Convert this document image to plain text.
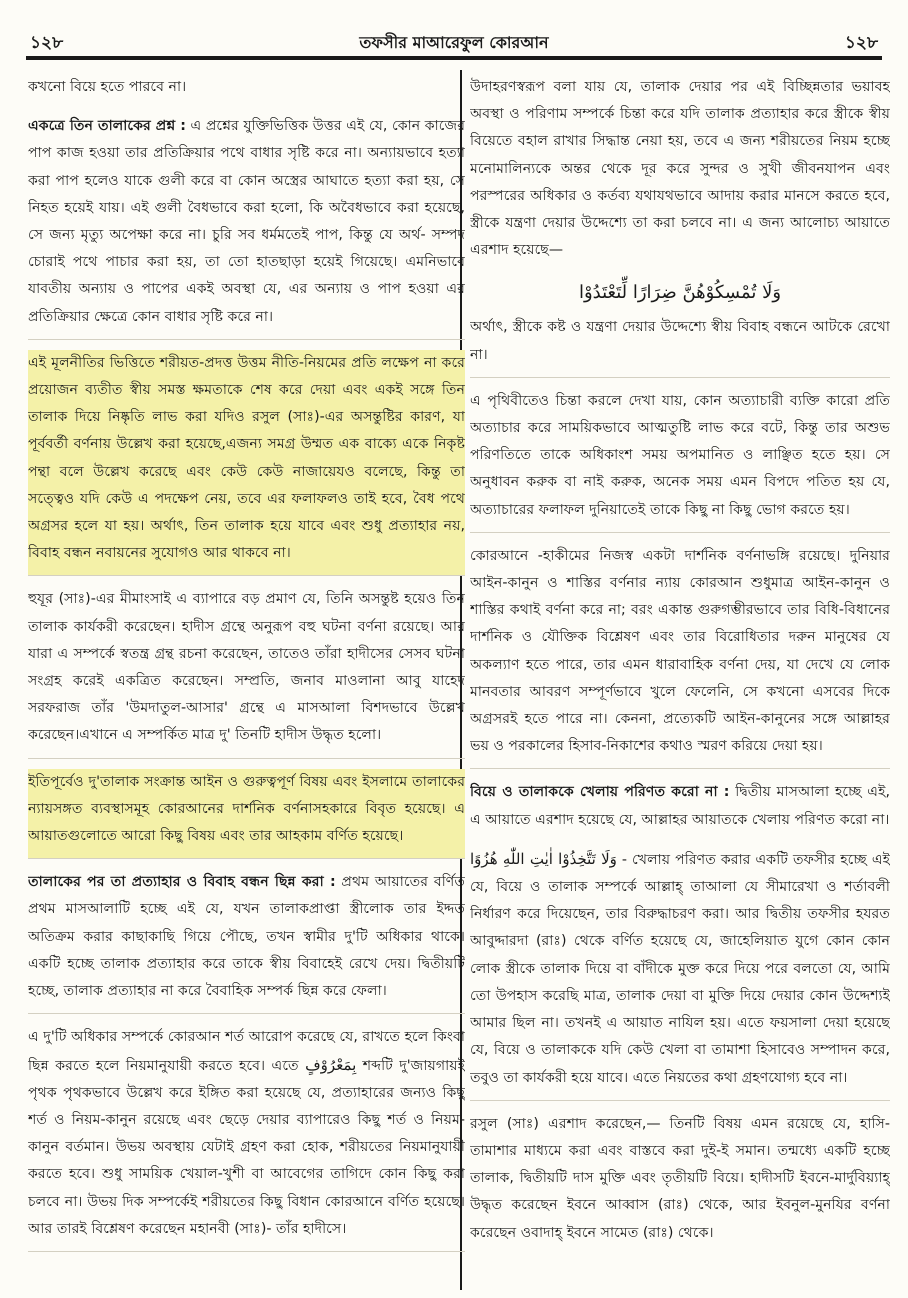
১২৮	তফসীর মাআরেফুল কোরআন	১২৮

কখনো বিয়ে হতে পারবে না।

একত্রে তিন তালাকের প্রশ্ন : এ প্রশ্নের যুক্তিভিত্তিক উত্তর এই যে, কোন কাজের পাপ কাজ হওয়া তার প্রতিক্রিয়ার পথে বাধার সৃষ্টি করে না। অন্যায়ভাবে হত্যা করা পাপ হলেও যাকে গুলী করে বা কোন অস্ত্রের আঘাতে হত্যা করা হয়, সে নিহত হয়েই যায়। এই গুলী বৈধভাবে করা হলো, কি অবৈধভাবে করা হয়েছে, সে জন্য মৃত্যু অপেক্ষা করে না। চুরি সব ধর্মমতেই পাপ, কিন্তু যে অর্থ- সম্পদ চোরাই পথে পাচার করা হয়, তা তো হাতছাড়া হয়েই গিয়েছে। এমনিভাবে যাবতীয় অন্যায় ও পাপের একই অবস্থা যে, এর অন্যায় ও পাপ হওয়া এর প্রতিক্রিয়ার ক্ষেত্রে কোন বাধার সৃষ্টি করে না।

এই মূলনীতির ভিত্তিতে শরীয়ত-প্রদত্ত উত্তম নীতি-নিয়মের প্রতি লক্ষেপ না করে প্রয়োজন ব্যতীত স্বীয় সমস্ত ক্ষমতাকে শেষ করে দেয়া এবং একই সঙ্গে তিন তালাক দিয়ে নিষ্কৃতি লাভ করা যদিও রসুল (সাঃ)-এর অসন্তুষ্টির কারণ, যা পূর্ববর্তী বর্ণনায় উল্লেখ করা হয়েছে,এজন্য সমগ্র উম্মত এক বাক্যে একে নিকৃষ্ট পন্থা বলে উল্লেখ করেছে এবং কেউ কেউ নাজায়েযও বলেছে, কিন্তু তা সত্ত্বেও যদি কেউ এ পদক্ষেপ নেয়, তবে এর ফলাফলও তাই হবে, বৈধ পথে অগ্রসর হলে যা হয়। অর্থাৎ, তিন তালাক হয়ে যাবে এবং শুধু প্রত্যাহার নয়, বিবাহ বন্ধন নবায়নের সুযোগও আর থাকবে না।

হুযূর (সাঃ)-এর মীমাংসাই এ ব্যাপারে বড় প্রমাণ যে, তিনি অসন্তুষ্ট হয়েও তিন তালাক কার্যকরী করেছেন। হাদীস গ্রন্থে অনুরূপ বহু ঘটনা বর্ণনা রয়েছে। আর যারা এ সম্পর্কে স্বতন্ত্র গ্রন্থ রচনা করেছেন, তাতেও তাঁরা হাদীসের সেসব ঘটনা সংগ্রহ করেই একত্রিত করেছেন। সম্প্রতি, জনাব মাওলানা আবু যাহেদ সরফরাজ তাঁর 'উমদাতুল-আসার' গ্রন্থে এ মাসআলা বিশদভাবে উল্লেখ করেছেন।এখানে এ সম্পর্কিত মাত্র দু' তিনটি হাদীস উদ্ধৃত হলো।

ইতিপূর্বেও দু'তালাক সংক্রান্ত আইন ও গুরুত্বপূর্ণ বিষয় এবং ইসলামে তালাকের ন্যায়সঙ্গত ব্যবস্থাসমূহ কোরআনের দার্শনিক বর্ণনাসহকারে বিবৃত হয়েছে। এ আয়াতগুলোতে আরো কিছু বিষয় এবং তার আহকাম বর্ণিত হয়েছে।

তালাকের পর তা প্রত্যাহার ও বিবাহ বন্ধন ছিন্ন করা : প্রথম আয়াতের বর্ণিত প্রথম মাসআলাটি হচ্ছে এই যে, যখন তালাকপ্রাপ্তা স্ত্রীলোক তার ইদ্দত অতিক্রম করার কাছাকাছি গিয়ে পৌছে, তখন স্বামীর দু'টি অধিকার থাকে। একটি হচ্ছে তালাক প্রত্যাহার করে তাকে স্বীয় বিবাহেই রেখে দেয়। দ্বিতীয়টি হচ্ছে, তালাক প্রত্যাহার না করে বৈবাহিক সম্পর্ক ছিন্ন করে ফেলা।

এ দু'টি অধিকার সম্পর্কে কোরআন শর্ত আরোপ করেছে যে, রাখতে হলে কিংবা ছিন্ন করতে হলে নিয়মানুযায়ী করতে হবে। এতে بِمَعْرُوْفٍ শব্দটি দু'জায়গায়ই পৃথক পৃথকভাবে উল্লেখ করে ইঙ্গিত করা হয়েছে যে, প্রত্যাহারের জন্যও কিছু শর্ত ও নিয়ম-কানুন রয়েছে এবং ছেড়ে দেয়ার ব্যাপারেও কিছু শর্ত ও নিয়ম-কানুন বর্তমান। উভয় অবস্থায় যেটাই গ্রহণ করা হোক, শরীয়তের নিয়মানুযায়ী করতে হবে। শুধু সাময়িক খেয়াল-খুশী বা আবেগের তাগিদে কোন কিছু করা চলবে না। উভয় দিক সম্পর্কেই শরীয়তের কিছু বিধান কোরআনে বর্ণিত হয়েছে। আর তারই বিশ্লেষণ করেছেন মহানবী (সাঃ)- তাঁর হাদীসে।

উদাহরণস্বরূপ বলা যায় যে, তালাক দেয়ার পর এই বিচ্ছিন্নতার ভয়াবহ অবস্থা ও পরিণাম সম্পর্কে চিন্তা করে যদি তালাক প্রত্যাহার করে স্ত্রীকে স্বীয় বিয়েতে বহাল রাখার সিদ্ধান্ত নেয়া হয়, তবে এ জন্য শরীয়তের নিয়ম হচ্ছে মনোমালিন্যকে অন্তর থেকে দূর করে সুন্দর ও সুখী জীবনযাপন এবং পরস্পরের অধিকার ও কর্তব্য যথাযথভাবে আদায় করার মানসে করতে হবে, স্ত্রীকে যন্ত্রণা দেয়ার উদ্দেশ্যে তা করা চলবে না। এ জন্য আলোচ্য আয়াতে এরশাদ হয়েছে—

وَلَا تُمْسِكُوْهُنَّ ضِرَارًا لِّتَعْتَدُوْا

অর্থাৎ, স্ত্রীকে কষ্ট ও যন্ত্রণা দেয়ার উদ্দেশ্যে স্বীয় বিবাহ বন্ধনে আটকে রেখো না।

এ পৃথিবীতেও চিন্তা করলে দেখা যায়, কোন অত্যাচারী ব্যক্তি কারো প্রতি অত্যাচার করে সাময়িকভাবে আত্মতুষ্টি লাভ করে বটে, কিন্তু তার অশুভ পরিণতিতে তাকে অধিকাংশ সময় অপমানিত ও লাঞ্ছিত হতে হয়। সে অনুধাবন করুক বা নাই করুক, অনেক সময় এমন বিপদে পতিত হয় যে, অত্যাচারের ফলাফল দুনিয়াতেই তাকে কিছু না কিছু ভোগ করতে হয়।

কোরআনে -হাকীমের নিজস্ব একটা দার্শনিক বর্ণনাভঙ্গি রয়েছে। দুনিয়ার আইন-কানুন ও শাস্তির বর্ণনার ন্যায় কোরআন শুধুমাত্র আইন-কানুন ও শাস্তির কথাই বর্ণনা করে না; বরং একান্ত গুরুগম্ভীরভাবে তার বিধি-বিধানের দার্শনিক ও যৌক্তিক বিশ্লেষণ এবং তার বিরোধিতার দরুন মানুষের যে অকল্যাণ হতে পারে, তার এমন ধারাবাহিক বর্ণনা দেয়, যা দেখে যে লোক মানবতার আবরণ সম্পূর্ণভাবে খুলে ফেলেনি, সে কখনো এসবের দিকে অগ্রসরই হতে পারে না। কেননা, প্রত্যেকটি আইন-কানুনের সঙ্গে আল্লাহর ভয় ও পরকালের হিসাব-নিকাশের কথাও স্মরণ করিয়ে দেয়া হয়।

বিয়ে ও তালাককে খেলায় পরিণত করো না : দ্বিতীয় মাসআলা হচ্ছে এই, এ আয়াতে এরশাদ হয়েছে যে, আল্লাহর আয়াতকে খেলায় পরিণত করো না।

وَلَا تَتَّخِذُوْا اٰيٰتِ اللّٰهِ هُزُوًا - খেলায় পরিণত করার একটি তফসীর হচ্ছে এই যে, বিয়ে ও তালাক সম্পর্কে আল্লাহ্ তাআলা যে সীমারেখা ও শর্তাবলী নির্ধারণ করে দিয়েছেন, তার বিরুদ্ধাচরণ করা। আর দ্বিতীয় তফসীর হযরত আবুদ্দারদা (রাঃ) থেকে বর্ণিত হয়েছে যে, জাহেলিয়াত যুগে কোন কোন লোক স্ত্রীকে তালাক দিয়ে বা বাঁদীকে মুক্ত করে দিয়ে পরে বলতো যে, আমি তো উপহাস করেছি মাত্র, তালাক দেয়া বা মুক্তি দিয়ে দেয়ার কোন উদ্দেশ্যই আমার ছিল না। তখনই এ আয়াত নাযিল হয়। এতে ফয়সালা দেয়া হয়েছে যে, বিয়ে ও তালাককে যদি কেউ খেলা বা তামাশা হিসাবেও সম্পাদন করে, তবুও তা কার্যকরী হয়ে যাবে। এতে নিয়তের কথা গ্রহণযোগ্য হবে না।

রসুল (সাঃ) এরশাদ করেছেন,— তিনটি বিষয় এমন রয়েছে যে, হাসি-তামাশার মাধ্যমে করা এবং বাস্তবে করা দুই-ই সমান। তন্মধ্যে একটি হচ্ছে তালাক, দ্বিতীয়টি দাস মুক্তি এবং তৃতীয়টি বিয়ে। হাদীসটি ইবনে-মার্দুবিয়্যাহ্ উদ্ধৃত করেছেন ইবনে আব্বাস (রাঃ) থেকে, আর ইবনুল-মুনযির বর্ণনা করেছেন ওবাদাহ্ ইবনে সামেত (রাঃ) থেকে।
